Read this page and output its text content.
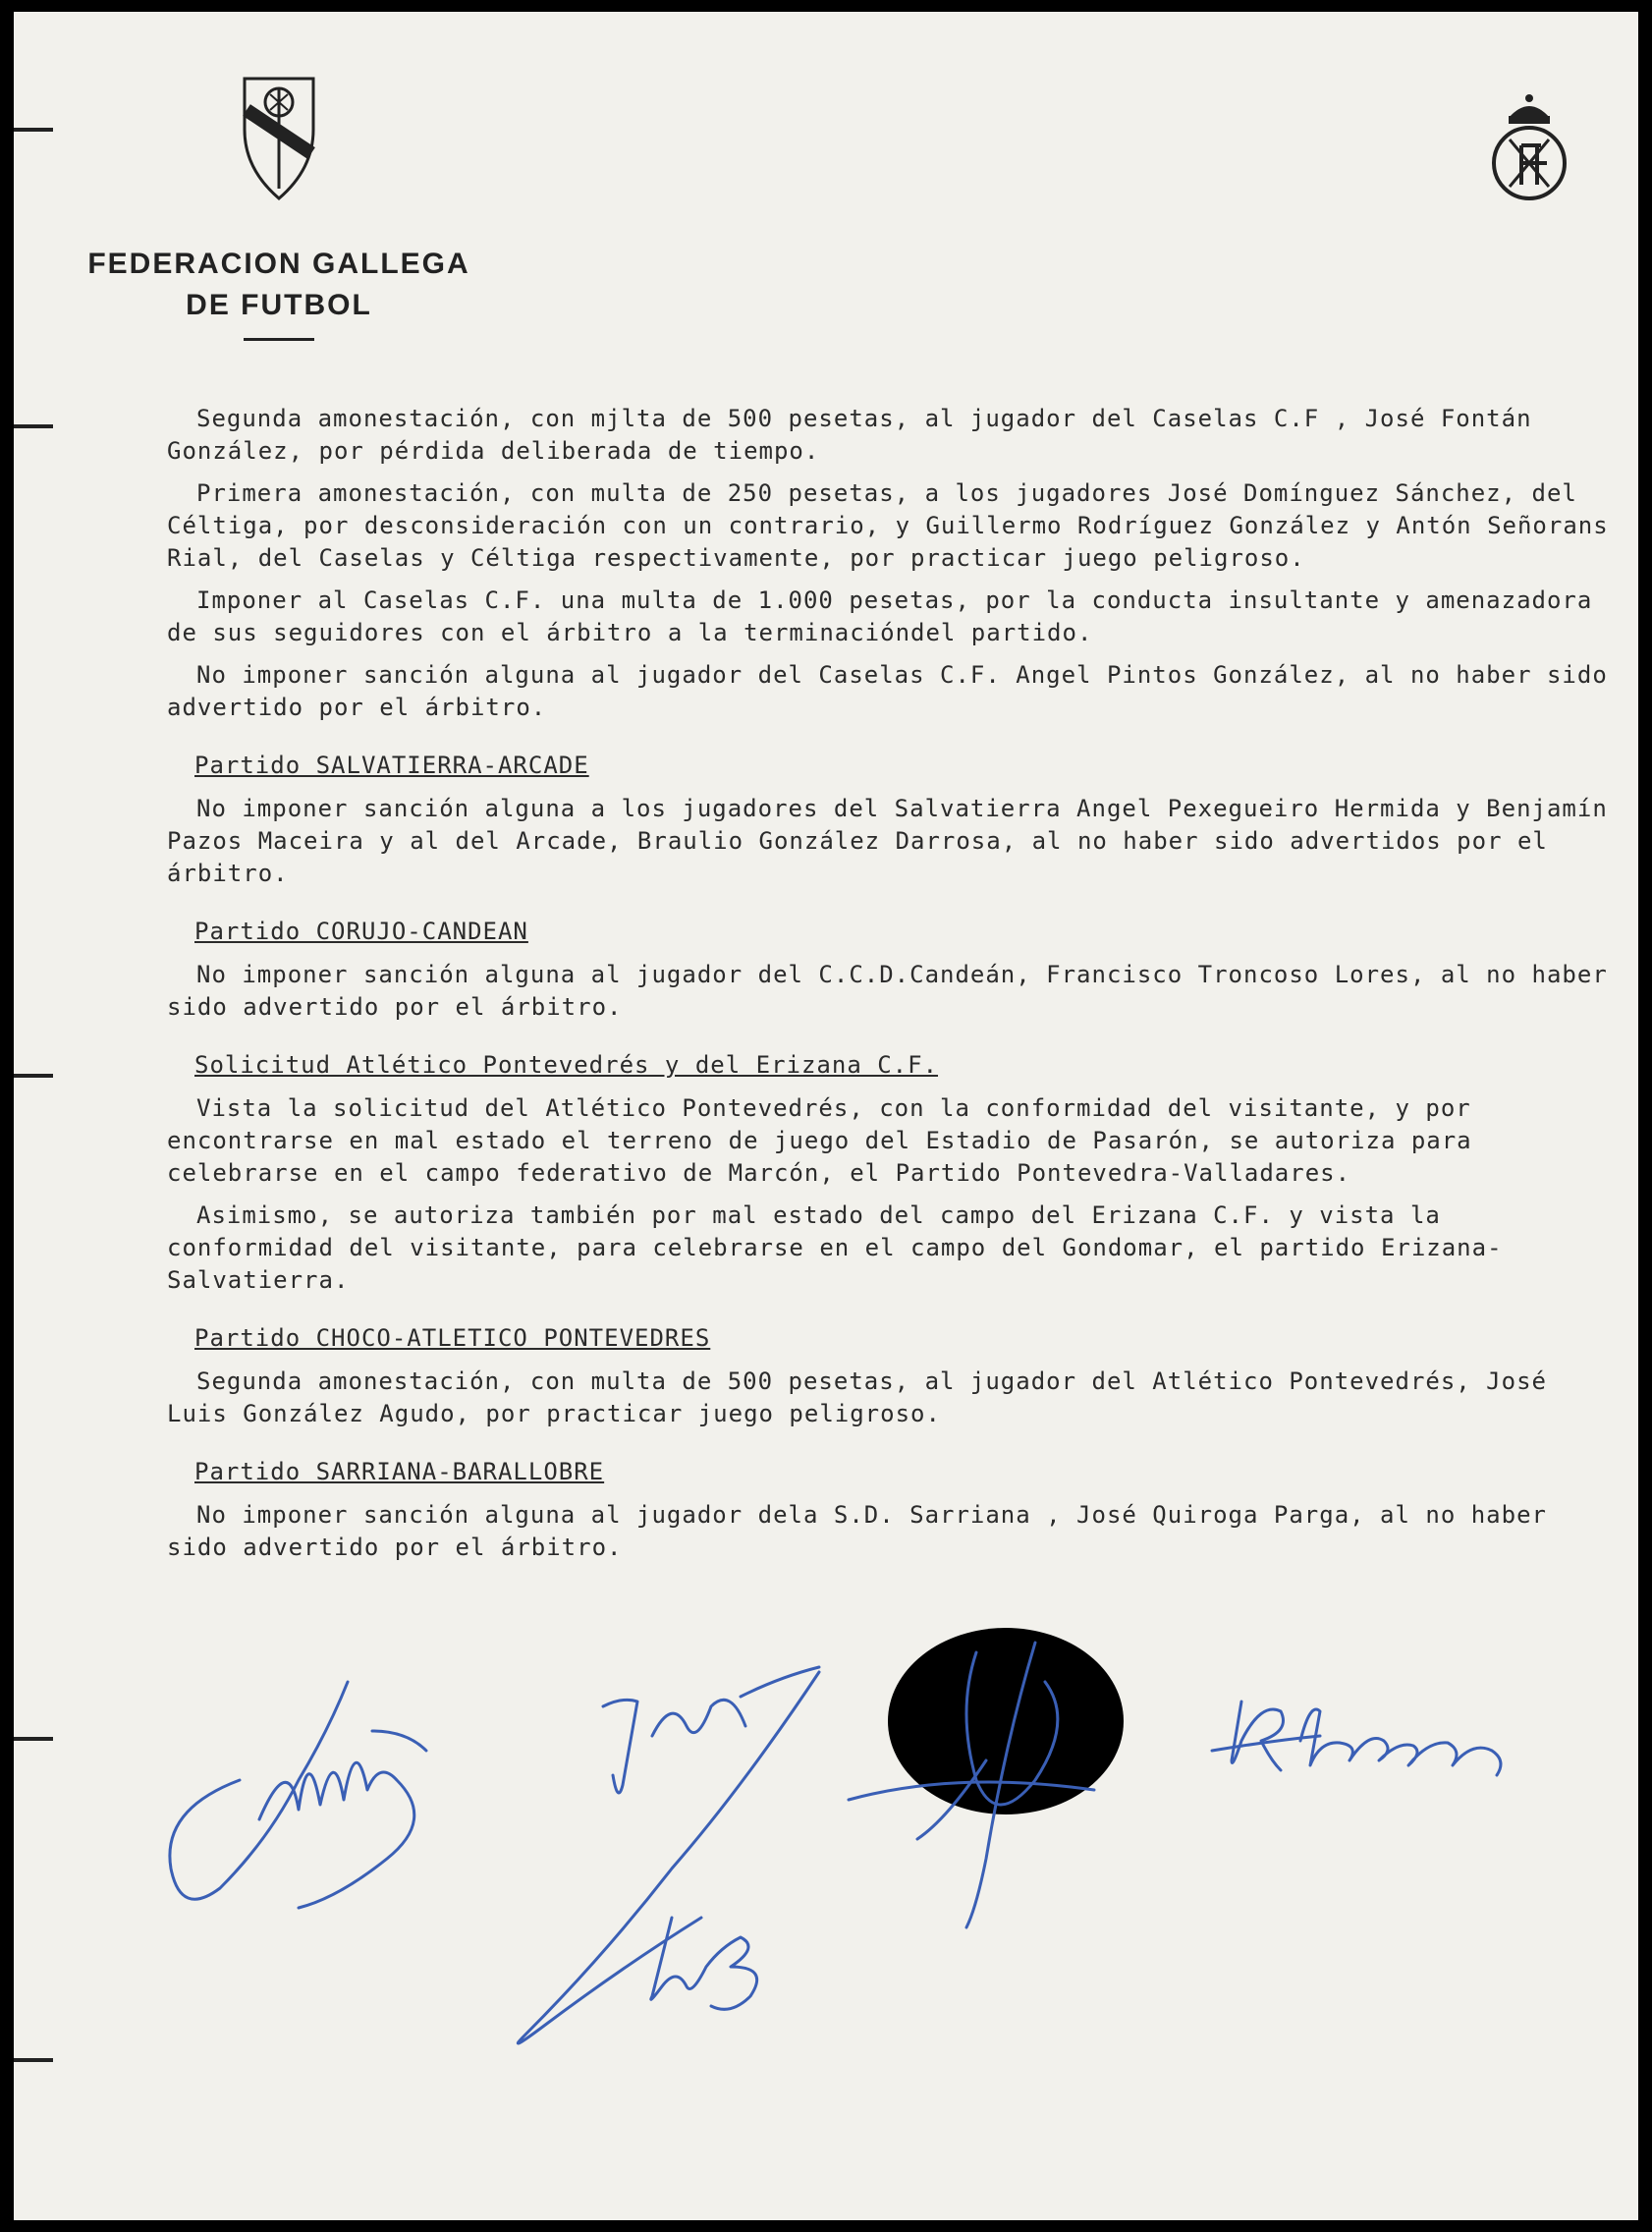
FEDERACION GALLEGA
DE FUTBOL

Segunda amonestación, con mjlta de 500 pesetas, al jugador del Caselas C.F , José Fontán González, por pérdida deliberada de tiempo.

Primera amonestación, con multa de 250 pesetas, a los jugadores José Domínguez Sánchez, del Céltiga, por desconsideración con un contrario, y Guillermo Rodríguez González y Antón Señorans Rial, del Caselas y Céltiga respectivamente, por practicar juego peligroso.

Imponer al Caselas C.F. una multa de 1.000 pesetas, por la conducta insultante y amenazadora de sus seguidores con el árbitro a la terminacióndel partido.

No imponer sanción alguna al jugador del Caselas C.F. Angel Pintos González, al no haber sido advertido por el árbitro.

Partido SALVATIERRA-ARCADE

No imponer sanción alguna a los jugadores del Salvatierra Angel Pexegueiro Hermida y Benjamín Pazos Maceira y al del Arcade, Braulio González Darrosa, al no haber sido advertidos por el árbitro.

Partido CORUJO-CANDEAN

No imponer sanción alguna al jugador del C.C.D.Candeán, Francisco Troncoso Lores, al no haber sido advertido por el árbitro.

Solicitud Atlético Pontevedrés y del Erizana C.F.

Vista la solicitud del Atlético Pontevedrés, con la conformidad del visitante, y por encontrarse en mal estado el terreno de juego del Estadio de Pasarón, se autoriza para celebrarse en el campo federativo de Marcón, el Partido Pontevedra-Valladares.

Asimismo, se autoriza también por mal estado del campo del Erizana C.F. y vista la conformidad del visitante, para celebrarse en el campo del Gondomar, el partido Erizana-Salvatierra.

Partido CHOCO-ATLETICO PONTEVEDRES

Segunda amonestación, con multa de 500 pesetas, al jugador del Atlético Pontevedrés, José Luis González Agudo, por practicar juego peligroso.

Partido SARRIANA-BARALLOBRE

No imponer sanción alguna al jugador dela S.D. Sarriana , José Quiroga Parga, al no haber sido advertido por el árbitro.
